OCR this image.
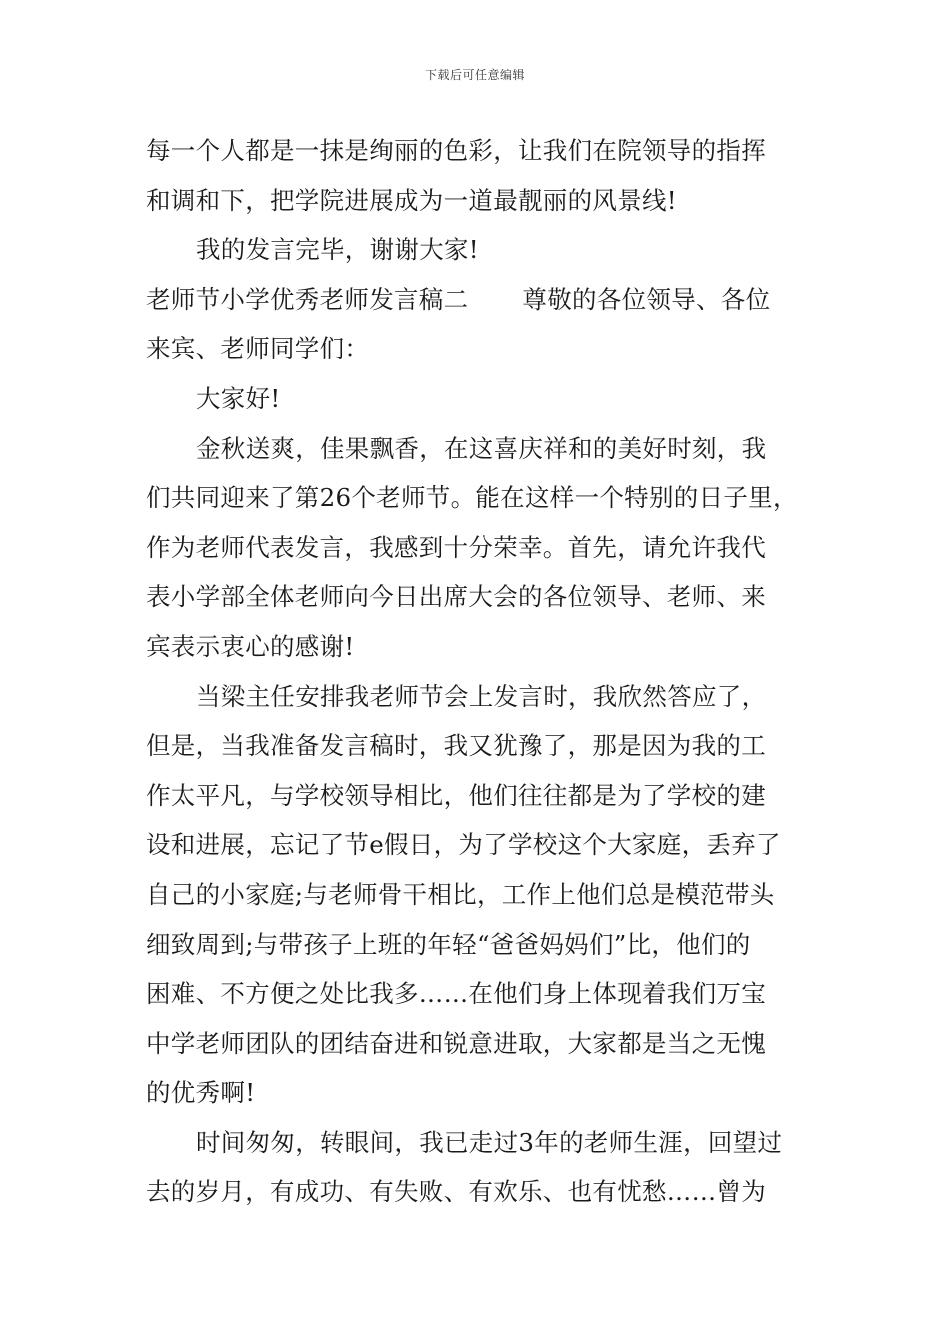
下载后可任意编辑
每一个人都是一抹是绚丽的色彩，让我们在院领导的指挥
和调和下，把学院进展成为一道最靓丽的风景线!
我的发言完毕，谢谢大家!
老师节小学优秀老师发言稿二 尊敬的各位领导、各位
来宾、老师同学们：
大家好!
金秋送爽，佳果飘香，在这喜庆祥和的美好时刻，我
们共同迎来了第26个老师节。能在这样一个特别的日子里，
作为老师代表发言，我感到十分荣幸。首先，请允许我代
表小学部全体老师向今日出席大会的各位领导、老师、来
宾表示衷心的感谢!
当梁主任安排我老师节会上发言时，我欣然答应了，
但是，当我准备发言稿时，我又犹豫了，那是因为我的工
作太平凡，与学校领导相比，他们往往都是为了学校的建
设和进展，忘记了节e假日，为了学校这个大家庭，丢弃了
自己的小家庭;与老师骨干相比，工作上他们总是模范带头
细致周到;与带孩子上班的年轻“爸爸妈妈们”比，他们的
困难、不方便之处比我多……在他们身上体现着我们万宝
中学老师团队的团结奋进和锐意进取，大家都是当之无愧
的优秀啊!
时间匆匆，转眼间，我已走过3年的老师生涯，回望过
去的岁月，有成功、有失败、有欢乐、也有忧愁……曾为
